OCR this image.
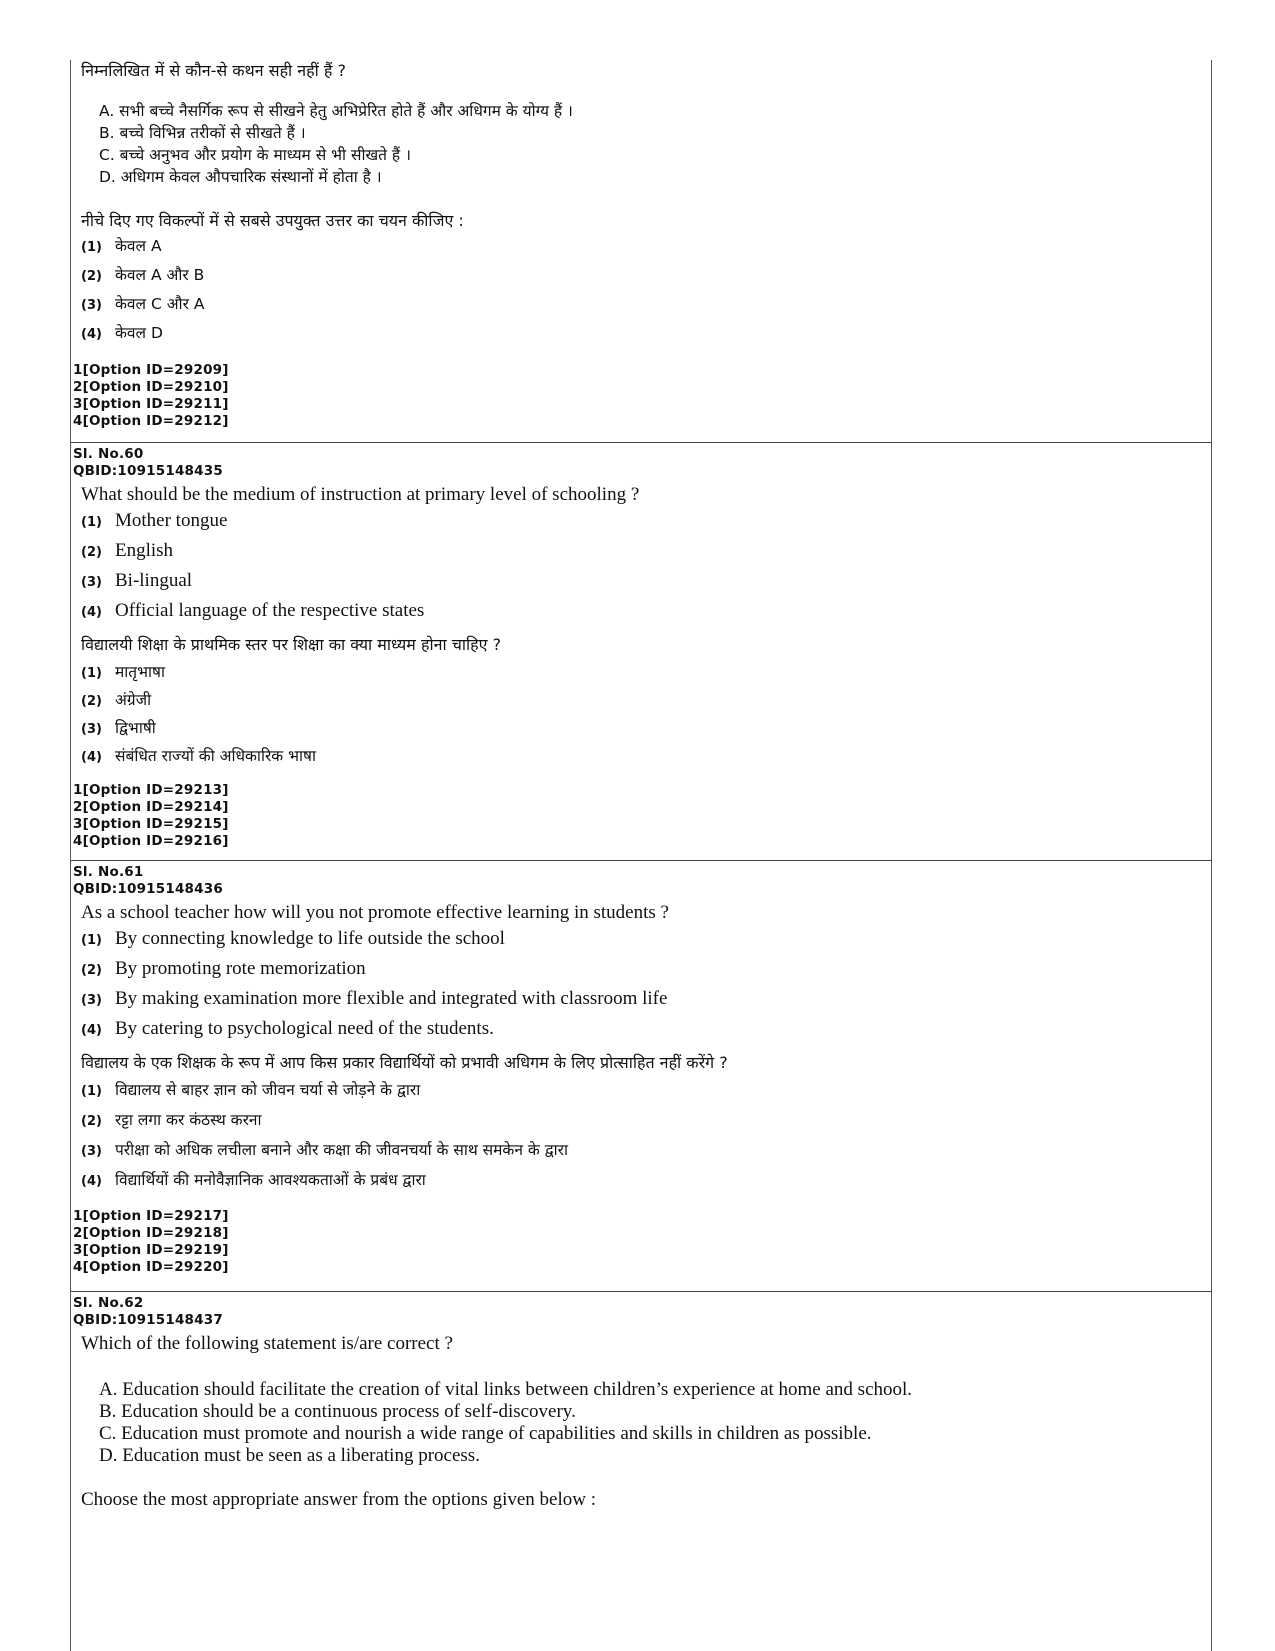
निम्नलिखित में से कौन-से कथन सही नहीं हैं ?

A. सभी बच्चे नैसर्गिक रूप से सीखने हेतु अभिप्रेरित होते हैं और अधिगम के योग्य हैं ।

B. बच्चे विभिन्न तरीकों से सीखते हैं ।

C. बच्चे अनुभव और प्रयोग के माध्यम से भी सीखते हैं ।

D. अधिगम केवल औपचारिक संस्थानों में होता है ।

नीचे दिए गए विकल्पों में से सबसे उपयुक्त उत्तर का चयन कीजिए :

(1) केवल A
(2) केवल A और B
(3) केवल C और A
(4) केवल D

1[Option ID=29209]

2[Option ID=29210]

3[Option ID=29211]

4[Option ID=29212]

Sl. No.60

QBID:10915148435

What should be the medium of instruction at primary level of schooling ?

(1) Mother tongue
(2) English
(3) Bi-lingual
(4) Official language of the respective states

विद्यालयी शिक्षा के प्राथमिक स्तर पर शिक्षा का क्या माध्यम होना चाहिए ?

(1) मातृभाषा
(2) अंग्रेजी
(3) द्विभाषी
(4) संबंधित राज्यों की अधिकारिक भाषा

1[Option ID=29213]

2[Option ID=29214]

3[Option ID=29215]

4[Option ID=29216]

Sl. No.61

QBID:10915148436

As a school teacher how will you not promote effective learning in students ?

(1) By connecting knowledge to life outside the school
(2) By promoting rote memorization
(3) By making examination more flexible and integrated with classroom life
(4) By catering to psychological need of the students.

विद्यालय के एक शिक्षक के रूप में आप किस प्रकार विद्यार्थियों को प्रभावी अधिगम के लिए प्रोत्साहित नहीं करेंगे ?

(1) विद्यालय से बाहर ज्ञान को जीवन चर्या से जोड़ने के द्वारा
(2) रट्टा लगा कर कंठस्थ करना
(3) परीक्षा को अधिक लचीला बनाने और कक्षा की जीवनचर्या के साथ समकेन के द्वारा
(4) विद्यार्थियों की मनोवैज्ञानिक आवश्यकताओं के प्रबंध द्वारा

1[Option ID=29217]

2[Option ID=29218]

3[Option ID=29219]

4[Option ID=29220]

Sl. No.62

QBID:10915148437

Which of the following statement is/are correct ?

A. Education should facilitate the creation of vital links between children’s experience at home and school.

B. Education should be a continuous process of self-discovery.

C. Education must promote and nourish a wide range of capabilities and skills in children as possible.

D. Education must be seen as a liberating process.

Choose the most appropriate answer from the options given below :
